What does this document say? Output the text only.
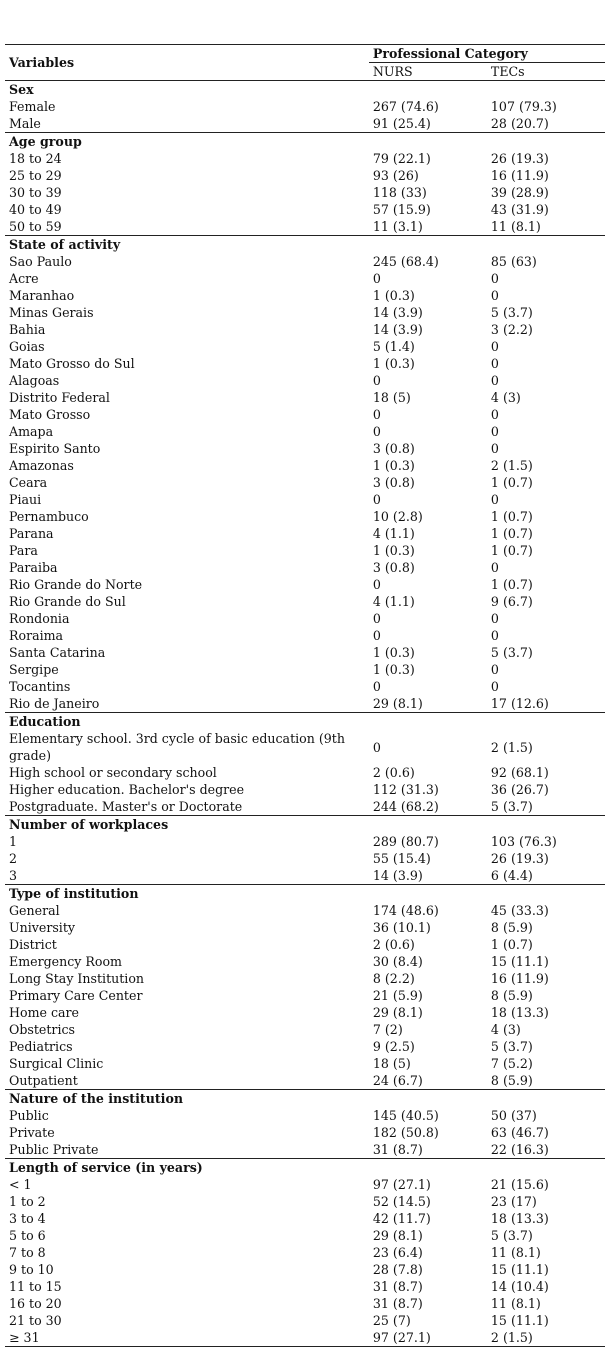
Variables	Professional Category	
	NURS	TECs
Sex		
Female	267 (74.6)	107 (79.3)
Male	91 (25.4)	28 (20.7)
Age group		
18 to 24	79 (22.1)	26 (19.3)
25 to 29	93 (26)	16 (11.9)
30 to 39	118 (33)	39 (28.9)
40 to 49	57 (15.9)	43 (31.9)
50 to 59	11 (3.1)	11 (8.1)
State of activity		
Sao Paulo	245 (68.4)	85 (63)
Acre	0	0
Maranhao	1 (0.3)	0
Minas Gerais	14 (3.9)	5 (3.7)
Bahia	14 (3.9)	3 (2.2)
Goias	5 (1.4)	0
Mato Grosso do Sul	1 (0.3)	0
Alagoas	0	0
Distrito Federal	18 (5)	4 (3)
Mato Grosso	0	0
Amapa	0	0
Espirito Santo	3 (0.8)	0
Amazonas	1 (0.3)	2 (1.5)
Ceara	3 (0.8)	1 (0.7)
Piaui	0	0
Pernambuco	10 (2.8)	1 (0.7)
Parana	4 (1.1)	1 (0.7)
Para	1 (0.3)	1 (0.7)
Paraiba	3 (0.8)	0
Rio Grande do Norte	0	1 (0.7)
Rio Grande do Sul	4 (1.1)	9 (6.7)
Rondonia	0	0
Roraima	0	0
Santa Catarina	1 (0.3)	5 (3.7)
Sergipe	1 (0.3)	0
Tocantins	0	0
Rio de Janeiro	29 (8.1)	17 (12.6)
Education		
Elementary school. 3rd cycle of basic education (9th grade)	0	2 (1.5)
High school or secondary school	2 (0.6)	92 (68.1)
Higher education. Bachelor's degree	112 (31.3)	36 (26.7)
Postgraduate. Master's or Doctorate	244 (68.2)	5 (3.7)
Number of workplaces		
1	289 (80.7)	103 (76.3)
2	55 (15.4)	26 (19.3)
3	14 (3.9)	6 (4.4)
Type of institution		
General	174 (48.6)	45 (33.3)
University	36 (10.1)	8 (5.9)
District	2 (0.6)	1 (0.7)
Emergency Room	30 (8.4)	15 (11.1)
Long Stay Institution	8 (2.2)	16 (11.9)
Primary Care Center	21 (5.9)	8 (5.9)
Home care	29 (8.1)	18 (13.3)
Obstetrics	7 (2)	4 (3)
Pediatrics	9 (2.5)	5 (3.7)
Surgical Clinic	18 (5)	7 (5.2)
Outpatient	24 (6.7)	8 (5.9)
Nature of the institution		
Public	145 (40.5)	50 (37)
Private	182 (50.8)	63 (46.7)
Public Private	31 (8.7)	22 (16.3)
Length of service (in years)		
< 1	97 (27.1)	21 (15.6)
1 to 2	52 (14.5)	23 (17)
3 to 4	42 (11.7)	18 (13.3)
5 to 6	29 (8.1)	5 (3.7)
7 to 8	23 (6.4)	11 (8.1)
9 to 10	28 (7.8)	15 (11.1)
11 to 15	31 (8.7)	14 (10.4)
16 to 20	31 (8.7)	11 (8.1)
21 to 30	25 (7)	15 (11.1)
≥ 31	97 (27.1)	2 (1.5)
